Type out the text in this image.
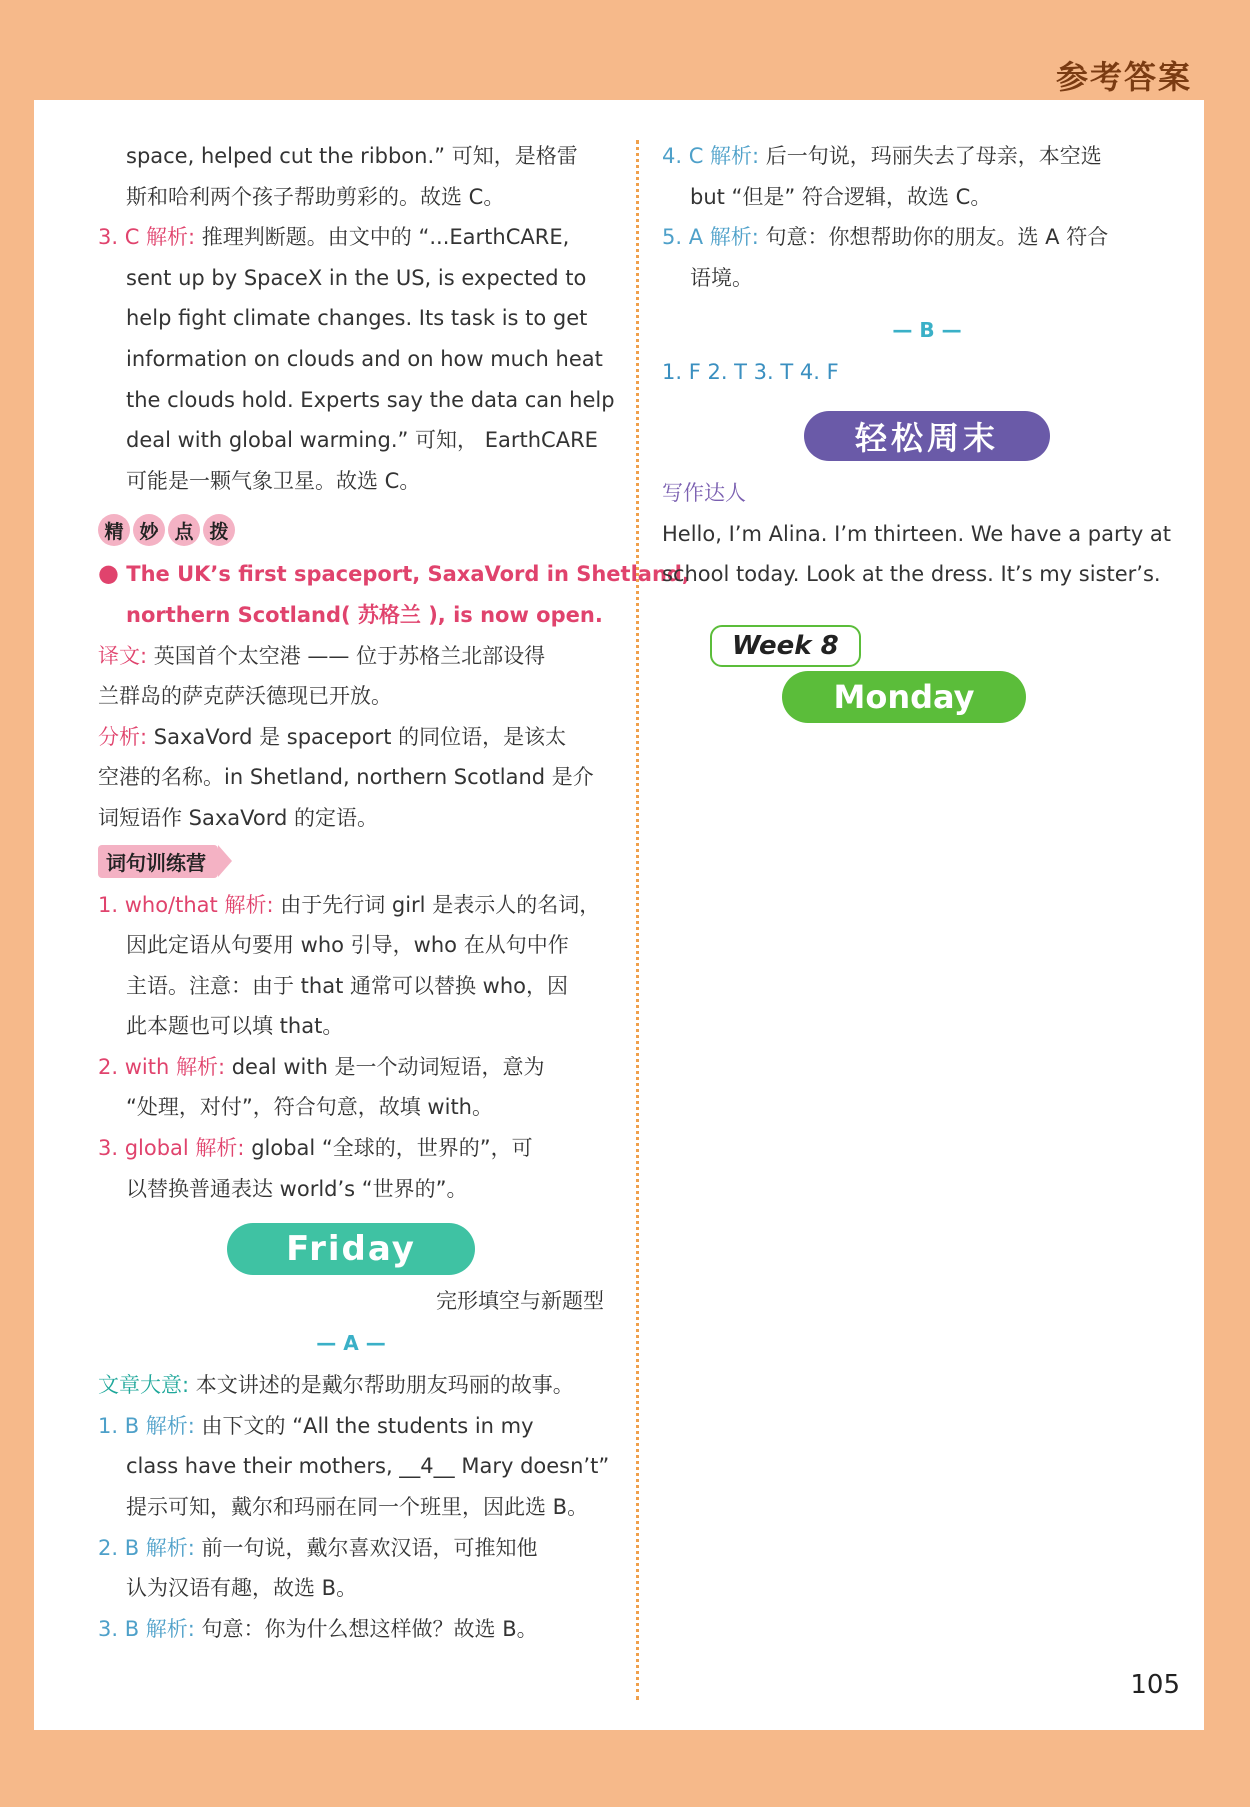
参考答案
space, helped cut the ribbon.” 可知，是格雷
斯和哈利两个孩子帮助剪彩的。故选 C。
3. C 解析: 推理判断题。由文中的 “...EarthCARE,
sent up by SpaceX in the US, is expected to
help fight climate changes. Its task is to get
information on clouds and on how much heat
the clouds hold. Experts say the data can help
deal with global warming.” 可知， EarthCARE
可能是一颗气象卫星。故选 C。
精 妙 点 拨
● The UK’s first spaceport, SaxaVord in Shetland,
northern Scotland( 苏格兰 ), is now open.
译文: 英国首个太空港 —— 位于苏格兰北部设得
兰群岛的萨克萨沃德现已开放。
分析: SaxaVord 是 spaceport 的同位语，是该太
空港的名称。in Shetland, northern Scotland 是介
词短语作 SaxaVord 的定语。
词句训练营
1. who/that 解析: 由于先行词 girl 是表示人的名词，
因此定语从句要用 who 引导，who 在从句中作
主语。注意：由于 that 通常可以替换 who，因
此本题也可以填 that。
2. with 解析: deal with 是一个动词短语，意为
“处理，对付”，符合句意，故填 with。
3. global 解析: global “全球的，世界的”，可
以替换普通表达 world’s “世界的”。
Friday
完形填空与新题型
— A —
文章大意: 本文讲述的是戴尔帮助朋友玛丽的故事。
1. B 解析: 由下文的 “All the students in my
class have their mothers, __4__ Mary doesn’t”
提示可知，戴尔和玛丽在同一个班里，因此选 B。
2. B 解析: 前一句说，戴尔喜欢汉语，可推知他
认为汉语有趣，故选 B。
3. B 解析: 句意：你为什么想这样做？故选 B。
4. C 解析: 后一句说，玛丽失去了母亲，本空选
but “但是” 符合逻辑，故选 C。
5. A 解析: 句意：你想帮助你的朋友。选 A 符合
语境。
— B —
1. F 2. T 3. T 4. F
轻松周末
写作达人
Hello, I’m Alina. I’m thirteen. We have a party at
school today. Look at the dress. It’s my sister’s.
Week 8
Monday
105
